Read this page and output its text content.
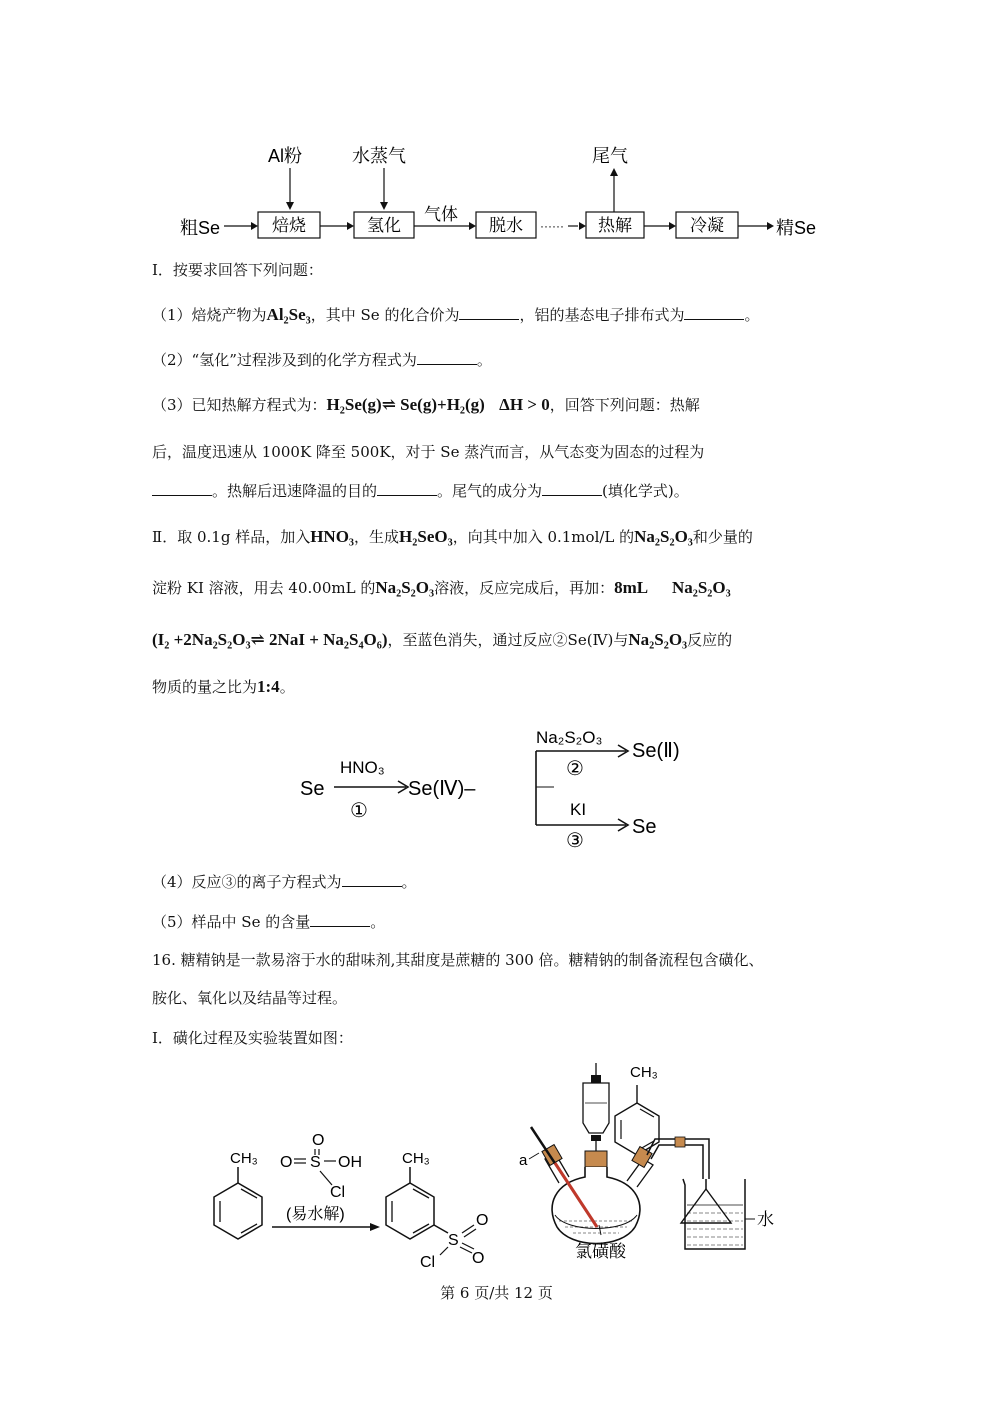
粗Se
Al粉
焙烧
水蒸气
氢化
气体
脱水 ······
尾气
热解	冷凝	精Se
Ⅰ．按要求回答下列问题：
（1）焙烧产物为Al₂Se₃，其中 Se 的化合价为	，铝的基态电子排布式为	。
（2）“氢化”过程涉及到的化学方程式为	。
（3）已知热解方程式为：H₂Se(g)⇌ Se(g)+H₂(g) ΔH > 0，回答下列问题：热解
后，温度迅速从 1000K 降至 500K，对于 Se 蒸汽而言，从气态变为固态的过程为
。热解后迅速降温的目的	。尾气的成分为	(填化学式)。
Ⅱ．取 0.1g 样品，加入HNO₃，生成H₂SeO₃，向其中加入 0.1mol/L 的Na₂S₂O₃和少量的
淀粉 KI 溶液，用去 40.00mL 的Na₂S₂O₃溶液，反应完成后，再加：8mL Na₂S₂O₃
(I₂ +2Na₂S₂O₃⇌ 2NaI + Na₂S₄O₆)，至蓝色消失，通过反应②Se(Ⅳ)与Na₂S₂O₃反应的
物质的量之比为1:4。
Se
HNO₃
①
Se(Ⅳ)–
Na₂S₂O₃
②
Se(Ⅱ)
KI
③
Se
（4）反应③的离子方程式为	。
（5）样品中 Se 的含量	。
16. 糖精钠是一款易溶于水的甜味剂,其甜度是蔗糖的 300 倍。糖精钠的制备流程包含磺化、
胺化、氧化以及结晶等过程。
Ⅰ．磺化过程及实验装置如图：
CH₃
O
O S OH
Cl
(易水解)
CH₃
S
O
O
Cl
CH₃
a
水
氯磺酸
第 6 页/共 12 页
